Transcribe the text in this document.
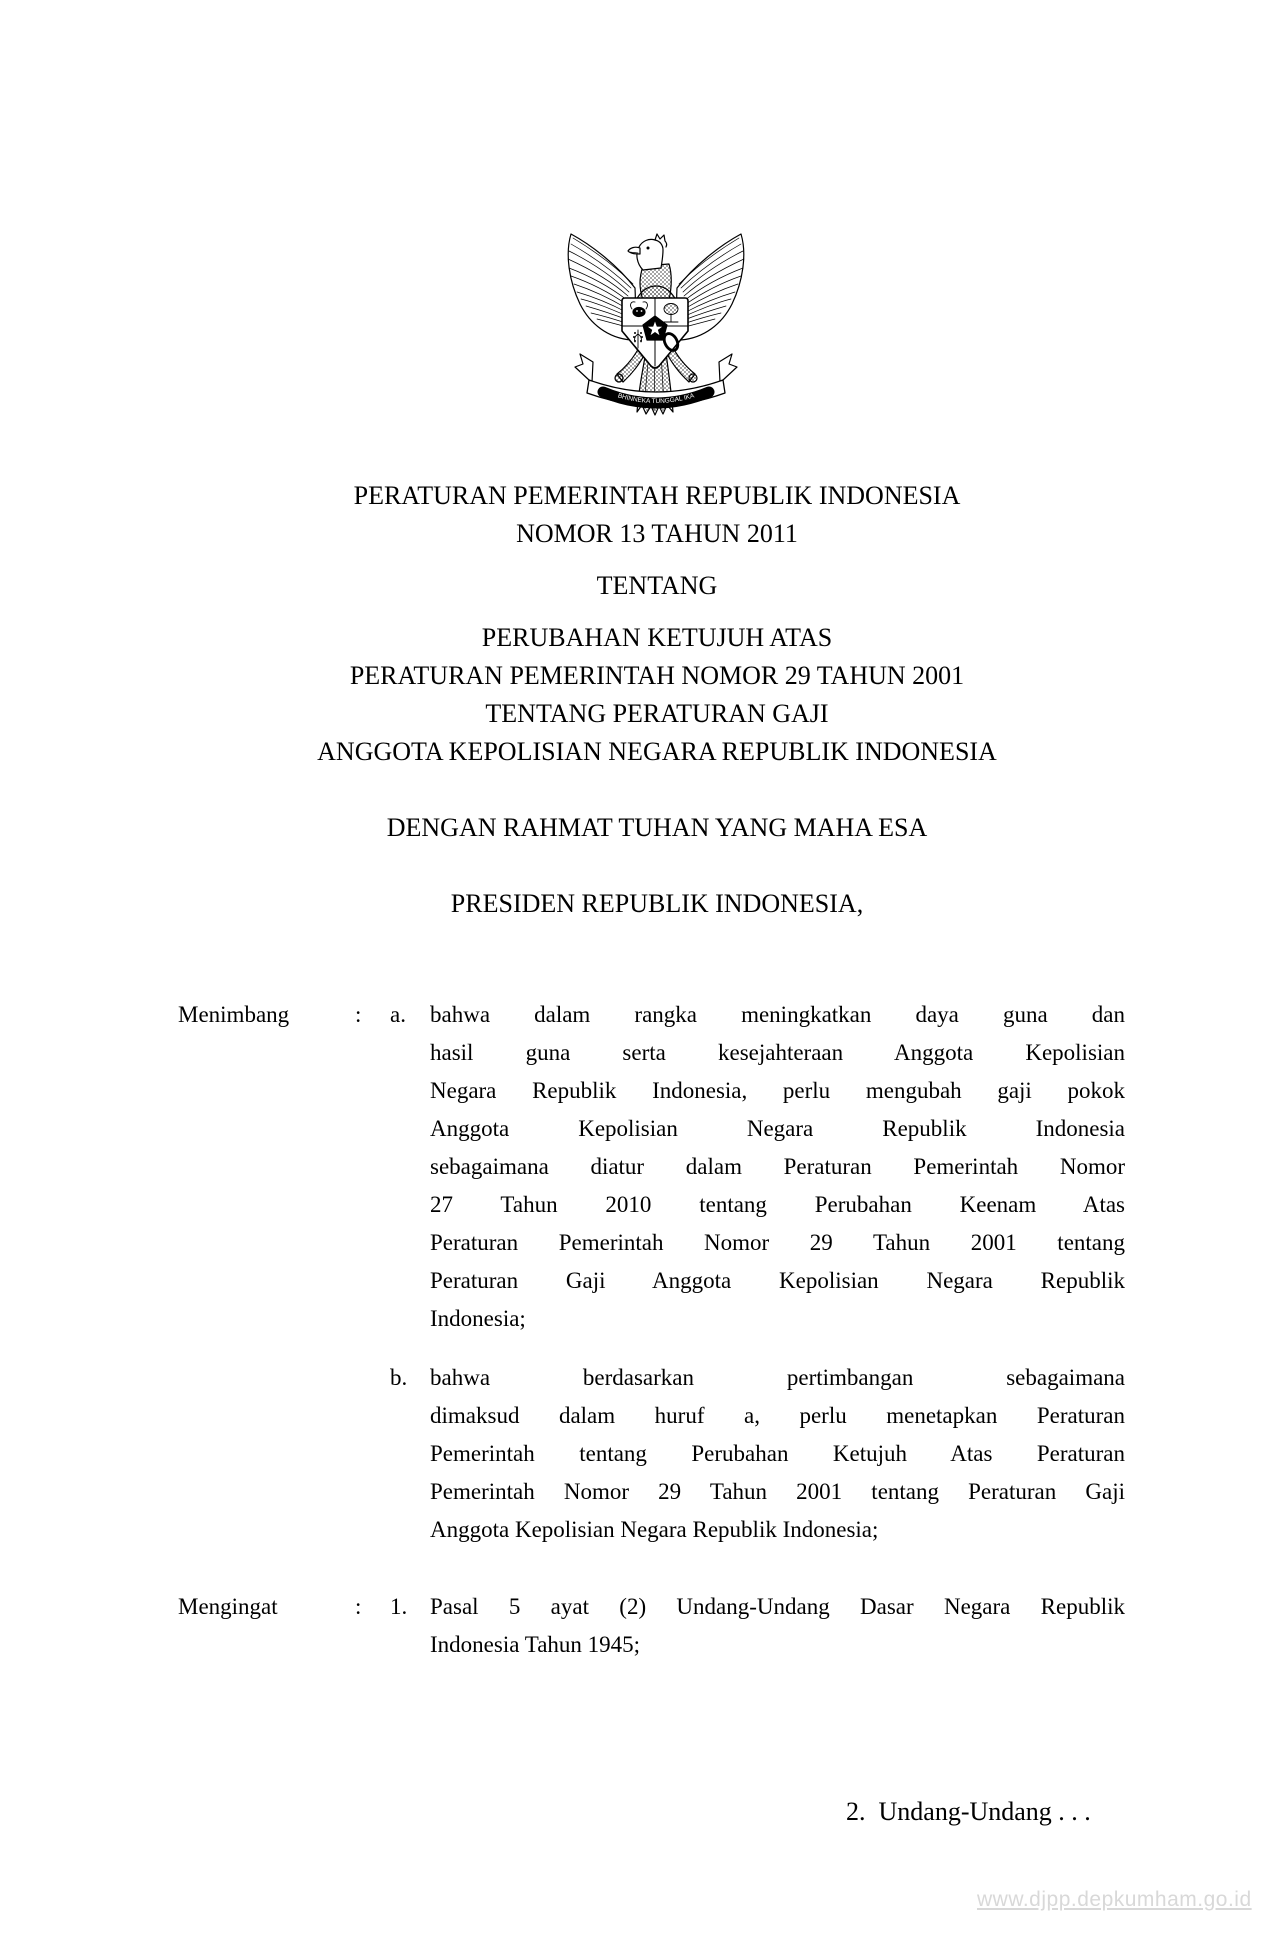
BHINNEKA TUNGGAL IKA
PERATURAN PEMERINTAH REPUBLIK INDONESIA
NOMOR 13 TAHUN 2011
TENTANG
PERUBAHAN KETUJUH ATAS
PERATURAN PEMERINTAH NOMOR 29 TAHUN 2001
TENTANG PERATURAN GAJI
ANGGOTA KEPOLISIAN NEGARA REPUBLIK INDONESIA
DENGAN RAHMAT TUHAN YANG MAHA ESA
PRESIDEN REPUBLIK INDONESIA,
Menimbang	: a. bahwa dalam rangka meningkatkan daya guna dan
hasil guna serta kesejahteraan Anggota Kepolisian
Negara Republik Indonesia, perlu mengubah gaji pokok
Anggota Kepolisian Negara Republik Indonesia
sebagaimana diatur dalam Peraturan Pemerintah Nomor
27 Tahun 2010 tentang Perubahan Keenam Atas
Peraturan Pemerintah Nomor 29 Tahun 2001 tentang
Peraturan Gaji Anggota Kepolisian Negara Republik
Indonesia;
b. bahwa berdasarkan pertimbangan sebagaimana
dimaksud dalam huruf a, perlu menetapkan Peraturan
Pemerintah tentang Perubahan Ketujuh Atas Peraturan
Pemerintah Nomor 29 Tahun 2001 tentang Peraturan Gaji
Anggota Kepolisian Negara Republik Indonesia;
Mengingat	: 1. Pasal 5 ayat (2) Undang-Undang Dasar Negara Republik
Indonesia Tahun 1945;
2.  Undang-Undang . . .
www.djpp.depkumham.go.id
